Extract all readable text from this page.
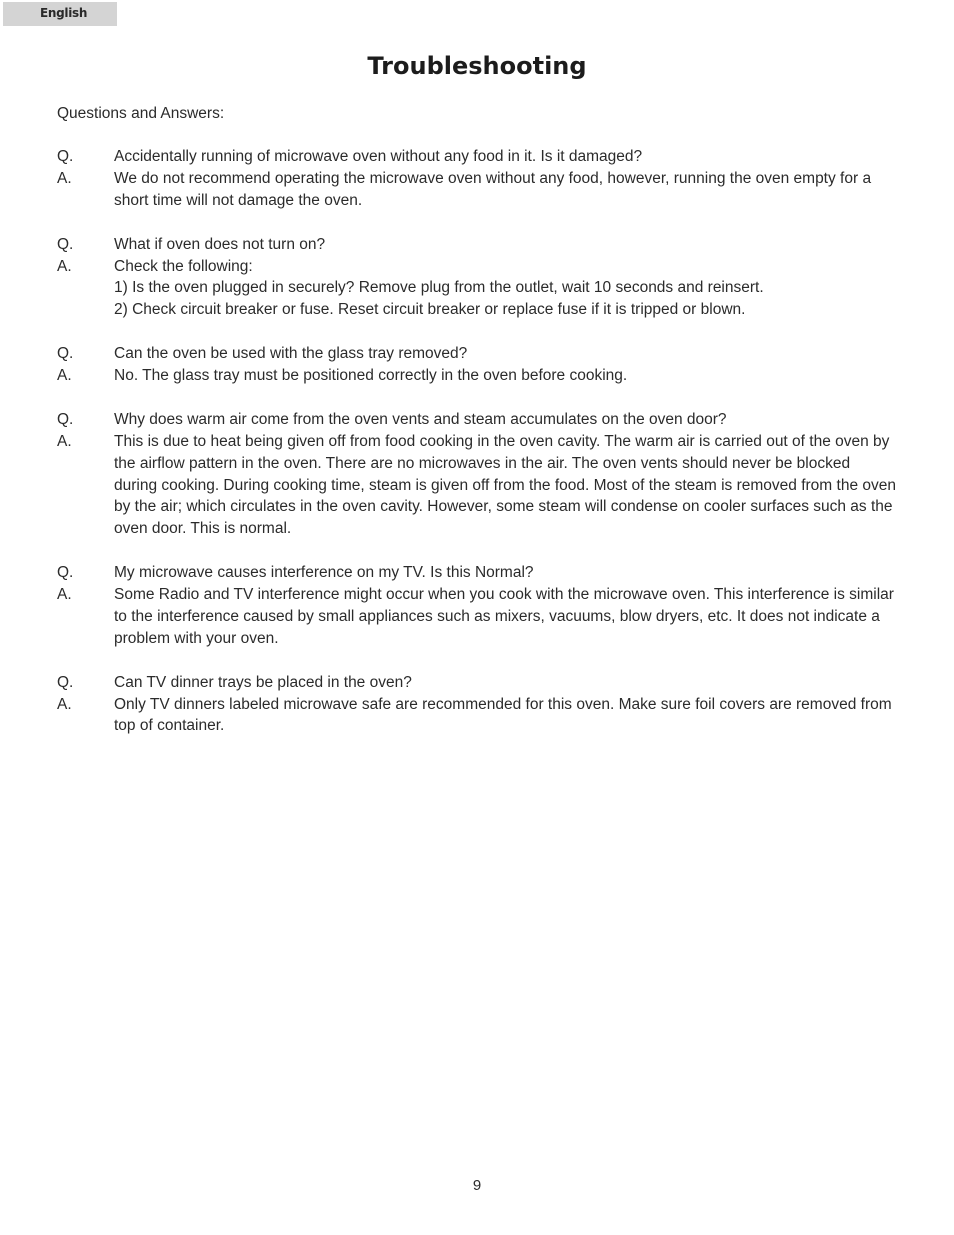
English
Troubleshooting

Questions and Answers:

Q.	Accidentally running of microwave oven without any food in it. Is it damaged?
A.	We do not recommend operating the microwave oven without any food, however, running the oven empty for a short time will not damage the oven.
Q.	What if oven does not turn on?
A.	Check the following:
1) Is the oven plugged in securely? Remove plug from the outlet, wait 10 seconds and reinsert.
2) Check circuit breaker or fuse. Reset circuit breaker or replace fuse if it is tripped or blown.
Q.	Can the oven be used with the glass tray removed?
A.	No. The glass tray must be positioned correctly in the oven before cooking.
Q.	Why does warm air come from the oven vents and steam accumulates on the oven door?
A.	This is due to heat being given off from food cooking in the oven cavity. The warm air is carried out of the oven by the airflow pattern in the oven. There are no microwaves in the air. The oven vents should never be blocked during cooking. During cooking time, steam is given off from the food. Most of the steam is removed from the oven by the air; which circulates in the oven cavity. However, some steam will condense on cooler surfaces such as the oven door. This is normal.
Q.	My microwave causes interference on my TV. Is this Normal?
A.	Some Radio and TV interference might occur when you cook with the microwave oven. This interference is similar to the interference caused by small appliances such as mixers, vacuums, blow dryers, etc. It does not indicate a problem with your oven.
Q.	Can TV dinner trays be placed in the oven?
A.	Only TV dinners labeled microwave safe are recommended for this oven. Make sure foil covers are removed from top of container.
9
